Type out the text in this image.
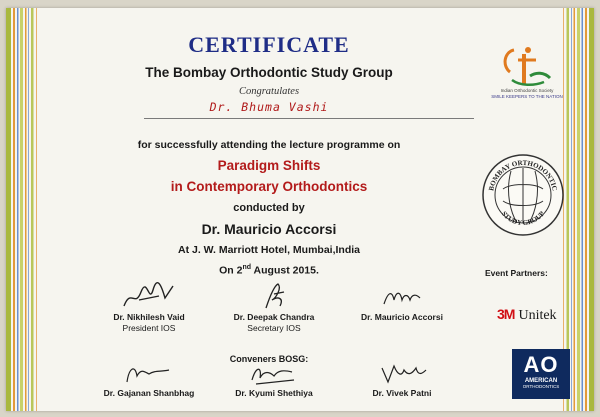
CERTIFICATE
The Bombay Orthodontic Study Group
Congratulates
Dr. Bhuma Vashi
for successfully attending the lecture programme on
Paradigm Shifts
in Contemporary Orthodontics
conducted by
Dr. Mauricio Accorsi
At J. W. Marriott Hotel, Mumbai,India
On 2nd August 2015.
Dr. Nikhilesh Vaid
President IOS
Dr. Deepak Chandra
Secretary IOS
Dr. Mauricio Accorsi
Conveners BOSG:
Dr. Gajanan Shanbhag	Dr. Kyumi Shethiya	Dr. Vivek Patni
Indian Orthodontic Society
SMILE KEEPERS TO THE NATION
BOMBAY ORTHODONTIC
STUDY GROUP
Event Partners:
3M Unitek
AO
AMERICAN
ORTHODONTICS
